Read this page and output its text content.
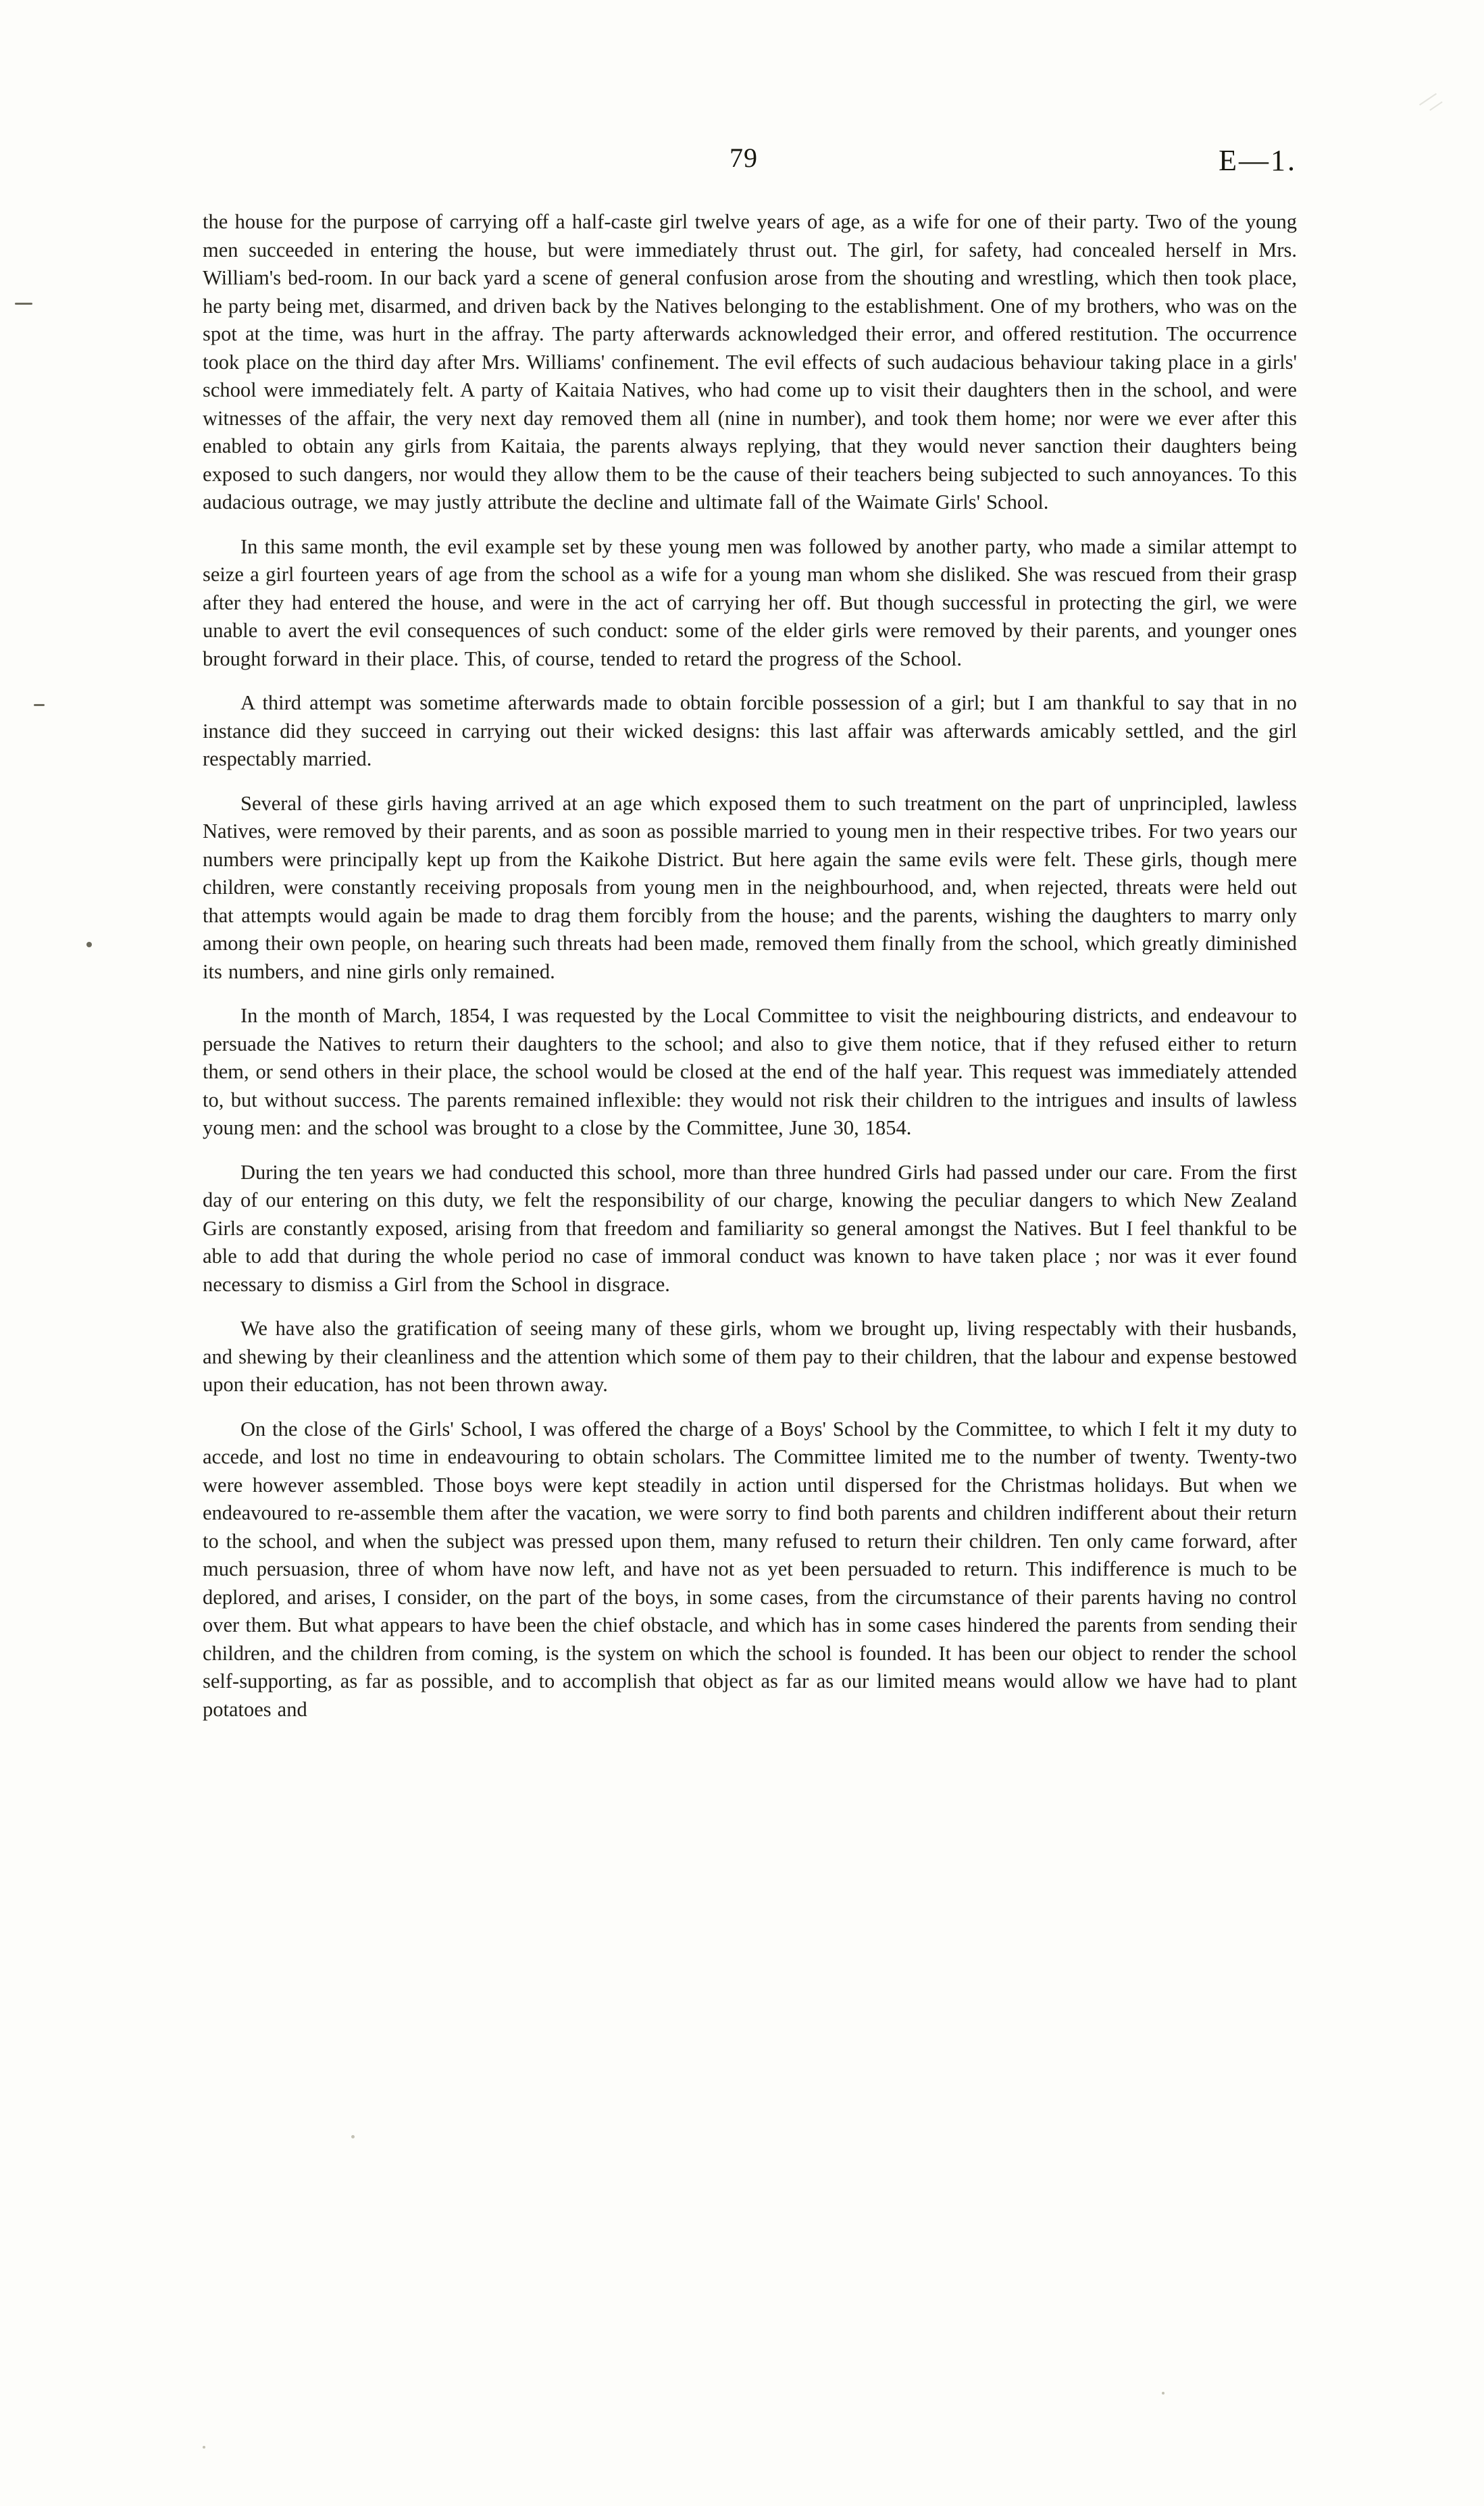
79	E—1.

the house for the purpose of carrying off a half-caste girl twelve years of age, as a wife for one of their party. Two of the young men succeeded in entering the house, but were immediately thrust out. The girl, for safety, had concealed herself in Mrs. William's bed-room. In our back yard a scene of general confusion arose from the shouting and wrestling, which then took place, he party being met, disarmed, and driven back by the Natives belonging to the establishment. One of my brothers, who was on the spot at the time, was hurt in the affray. The party afterwards acknowledged their error, and offered restitution. The occurrence took place on the third day after Mrs. Williams' confinement. The evil effects of such audacious behaviour taking place in a girls' school were immediately felt. A party of Kaitaia Natives, who had come up to visit their daughters then in the school, and were witnesses of the affair, the very next day removed them all (nine in number), and took them home; nor were we ever after this enabled to obtain any girls from Kaitaia, the parents always replying, that they would never sanction their daughters being exposed to such dangers, nor would they allow them to be the cause of their teachers being subjected to such annoyances. To this audacious outrage, we may justly attribute the decline and ultimate fall of the Waimate Girls' School.

In this same month, the evil example set by these young men was followed by another party, who made a similar attempt to seize a girl fourteen years of age from the school as a wife for a young man whom she disliked. She was rescued from their grasp after they had entered the house, and were in the act of carrying her off. But though successful in protecting the girl, we were unable to avert the evil consequences of such conduct: some of the elder girls were removed by their parents, and younger ones brought forward in their place. This, of course, tended to retard the progress of the School.

A third attempt was sometime afterwards made to obtain forcible possession of a girl; but I am thankful to say that in no instance did they succeed in carrying out their wicked designs: this last affair was afterwards amicably settled, and the girl respectably married.

Several of these girls having arrived at an age which exposed them to such treatment on the part of unprincipled, lawless Natives, were removed by their parents, and as soon as possible married to young men in their respective tribes. For two years our numbers were principally kept up from the Kaikohe District. But here again the same evils were felt. These girls, though mere children, were constantly receiving proposals from young men in the neighbourhood, and, when rejected, threats were held out that attempts would again be made to drag them forcibly from the house; and the parents, wishing the daughters to marry only among their own people, on hearing such threats had been made, removed them finally from the school, which greatly diminished its numbers, and nine girls only remained.

In the month of March, 1854, I was requested by the Local Committee to visit the neighbouring districts, and endeavour to persuade the Natives to return their daughters to the school; and also to give them notice, that if they refused either to return them, or send others in their place, the school would be closed at the end of the half year. This request was immediately attended to, but without success. The parents remained inflexible: they would not risk their children to the intrigues and insults of lawless young men: and the school was brought to a close by the Committee, June 30, 1854.

During the ten years we had conducted this school, more than three hundred Girls had passed under our care. From the first day of our entering on this duty, we felt the responsibility of our charge, knowing the peculiar dangers to which New Zealand Girls are constantly exposed, arising from that freedom and familiarity so general amongst the Natives. But I feel thankful to be able to add that during the whole period no case of immoral conduct was known to have taken place ; nor was it ever found necessary to dismiss a Girl from the School in disgrace.

We have also the gratification of seeing many of these girls, whom we brought up, living respectably with their husbands, and shewing by their cleanliness and the attention which some of them pay to their children, that the labour and expense bestowed upon their education, has not been thrown away.

On the close of the Girls' School, I was offered the charge of a Boys' School by the Committee, to which I felt it my duty to accede, and lost no time in endeavouring to obtain scholars. The Committee limited me to the number of twenty. Twenty-two were however assembled. Those boys were kept steadily in action until dispersed for the Christmas holidays. But when we endeavoured to re-assemble them after the vacation, we were sorry to find both parents and children indifferent about their return to the school, and when the subject was pressed upon them, many refused to return their children. Ten only came forward, after much persuasion, three of whom have now left, and have not as yet been persuaded to return. This indifference is much to be deplored, and arises, I consider, on the part of the boys, in some cases, from the circumstance of their parents having no control over them. But what appears to have been the chief obstacle, and which has in some cases hindered the parents from sending their children, and the children from coming, is the system on which the school is founded. It has been our object to render the school self-supporting, as far as possible, and to accomplish that object as far as our limited means would allow we have had to plant potatoes and
